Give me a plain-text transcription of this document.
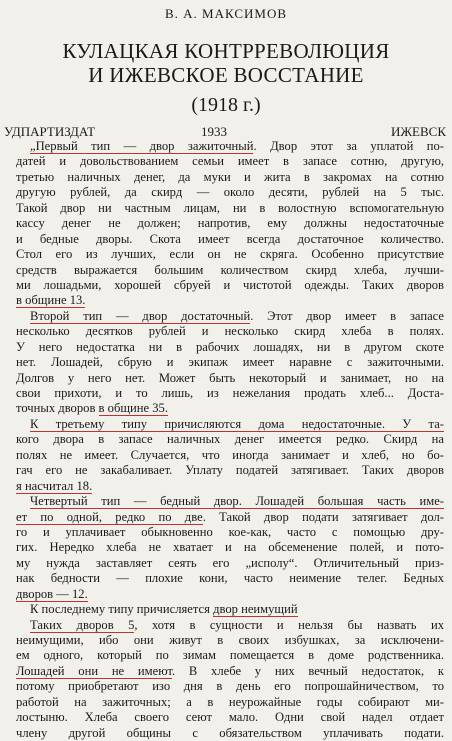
В. А. МАКСИМОВ
КУЛАЦКАЯ КОНТРРЕВОЛЮЦИЯ
И ИЖЕВСКОЕ ВОССТАНИЕ
(1918 г.)
УДПАРТИЗДАТ	1933	ИЖЕВСК
„Первый тип — двор зажиточный. Двор этот за уплатой по-
датей и довольствованием семьи имеет в запасе сотню, другую,
третью наличных денег, да муки и жита в закромах на сотню
другую рублей, да скирд — около десяти, рублей на 5 тыс.
Такой двор ни частным лицам, ни в волостную вспомогательную
кассу денег не должен; напротив, ему должны недостаточные
и бедные дворы. Скота имеет всегда достаточное количество.
Стол его из лучших, если он не скряга. Особенно присутствие
средств выражается большим количеством скирд хлеба, лучши-
ми лошадьми, хорошей сбруей и чистотой одежды. Таких дворов
в общине 13.
Второй тип — двор достаточный. Этот двор имеет в запасе
несколько десятков рублей и несколько скирд хлеба в полях.
У него недостатка ни в рабочих лошадях, ни в другом скоте
нет. Лошадей, сбрую и экипаж имеет наравне с зажиточными.
Долгов у него нет. Может быть некоторый и занимает, но на
свои прихоти, и то лишь, из нежелания продать хлеб... Доста-
точных дворов в общине 35.
К третьему типу причисляются дома недостаточные. У та-
кого двора в запасе наличных денег имеется редко. Скирд на
полях не имеет. Случается, что иногда занимает и хлеб, но бо-
гач его не закабаливает. Уплату податей затягивает. Таких дворов
я насчитал 18.
Четвертый тип — бедный двор. Лошадей большая часть име-
ет по одной, редко по две. Такой двор подати затягивает дол-
го и уплачивает обыкновенно кое-как, часто с помощью дру-
гих. Нередко хлеба не хватает и на обсеменение полей, и пото-
му нужда заставляет сеять его „исполу“. Отличительный приз-
нак бедности — плохие кони, часто неимение телег. Бедных
дворов — 12.
К последнему типу причисляется двор неимущий
Таких дворов 5, хотя в сущности и нельзя бы назвать их
неимущими, ибо они живут в своих избушках, за исключени-
ем одного, который по зимам помещается в доме родственника.
Лошадей они не имеют. В хлебе у них вечный недостаток, к
потому приобретают изо дня в день его попрошайничеством, то
работой на зажиточных; а в неурожайные годы собирают ми-
лостыню. Хлеба своего сеют мало. Одни свой надел отдает
члену другой общины с обязательством уплачивать подати.
